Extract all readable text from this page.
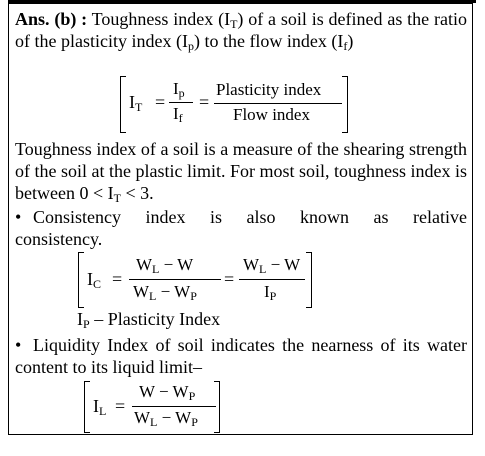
Ans. (b) : Toughness index $(I_T)$ of a soil is defined as the ratio of the plasticity index $(I_p)$ to the flow index $(I_f)$
$I_T$ =
$I_p$
$I_f$
=
Plasticity index
Flow index
Toughness index of a soil is a measure of the shearing strength of the soil at the plastic limit. For most soil, toughness index is between $0 < I_T < 3$.
• Consistency index is also known as relative consistency.
$I_C$ =
$W_L - W$
$W_L - W_P$
=
$W_L - W$
$I_P$
$I_P$ – Plasticity Index
• Liquidity Index of soil indicates the nearness of its water content to its liquid limit–
$I_L$ =
$W - W_P$
$W_L - W_P$
